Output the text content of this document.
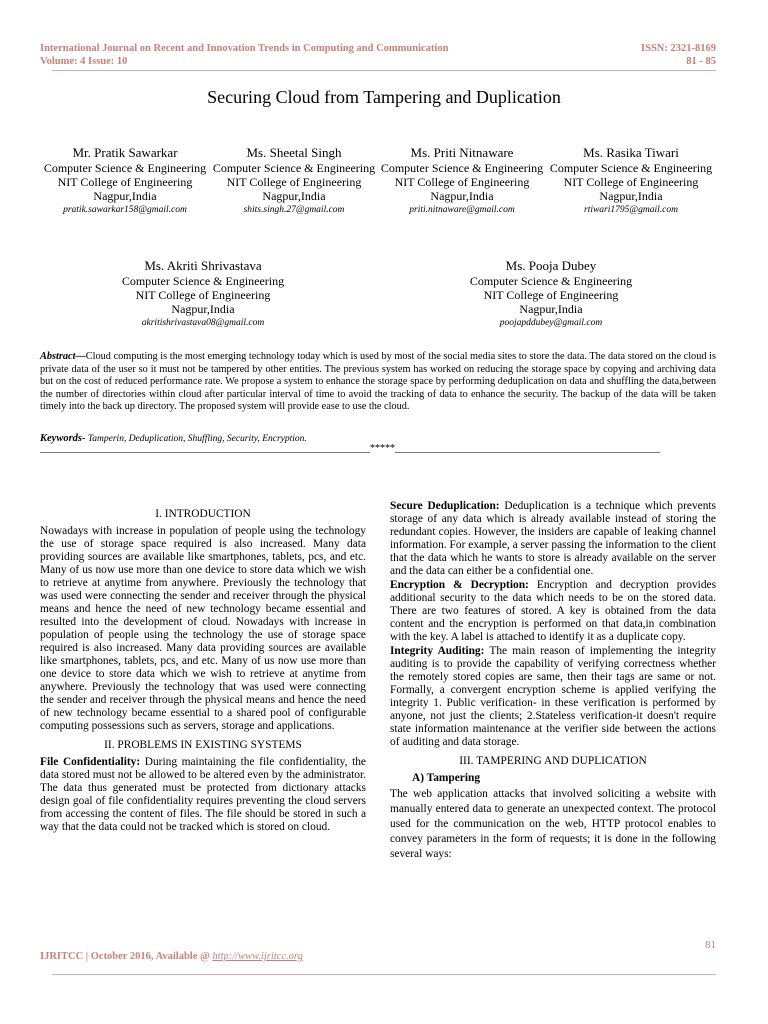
International Journal on Recent and Innovation Trends in Computing and Communication
Volume: 4 Issue: 10
ISSN: 2321-8169
81 - 85
Securing Cloud from Tampering and Duplication
Mr. Pratik Sawarkar
Computer Science & Engineering
NIT College of Engineering
Nagpur,India
pratik.sawarkar158@gmail.com
Ms. Sheetal Singh
Computer Science & Engineering
NIT College of Engineering
Nagpur,India
shits.singh.27@gmail.com
Ms. Priti Nitnaware
Computer Science & Engineering
NIT College of Engineering
Nagpur,India
priti.nitnaware@gmail.com
Ms. Rasika Tiwari
Computer Science & Engineering
NIT College of Engineering
Nagpur,India
rtiwari1795@gmail.com
Ms. Akriti Shrivastava
Computer Science & Engineering
NIT College of Engineering
Nagpur,India
akritishrivastava08@gmail.com
Ms. Pooja Dubey
Computer Science & Engineering
NIT College of Engineering
Nagpur,India
poojapddubey@gmail.com
Abstract—Cloud computing is the most emerging technology today which is used by most of the social media sites to store the data. The data stored on the cloud is private data of the user so it must not be tampered by other entities. The previous system has worked on reducing the storage space by copying and archiving data but on the cost of reduced performance rate. We propose a system to enhance the storage space by performing deduplication on data and shuffling the data,between the number of directories within cloud after particular interval of time to avoid the tracking of data to enhance the security. The backup of the data will be taken timely into the back up directory. The proposed system will provide ease to use the cloud.
Keywords- Tamperin, Deduplication, Shuffling, Security, Encryption.
__________________________________________________________________*****_____________________________________________________
I. INTRODUCTION

Nowadays with increase in population of people using the technology the use of storage space required is also increased. Many data providing sources are available like smartphones, tablets, pcs, and etc. Many of us now use more than one device to store data which we wish to retrieve at anytime from anywhere. Previously the technology that was used were connecting the sender and receiver through the physical means and hence the need of new technology became essential and resulted into the development of cloud. Nowadays with increase in population of people using the technology the use of storage space required is also increased. Many data providing sources are available like smartphones, tablets, pcs, and etc. Many of us now use more than one device to store data which we wish to retrieve at anytime from anywhere. Previously the technology that was used were connecting the sender and receiver through the physical means and hence the need of new technology became essential to a shared pool of configurable computing possessions such as servers, storage and applications.

II. PROBLEMS IN EXISTING SYSTEMS

File Confidentiality: During maintaining the file confidentiality, the data stored must not be allowed to be altered even by the administrator. The data thus generated must be protected from dictionary attacks design goal of file confidentiality requires preventing the cloud servers from accessing the content of files. The file should be stored in such a way that the data could not be tracked which is stored on cloud.

Secure Deduplication: Deduplication is a technique which prevents storage of any data which is already available instead of storing the redundant copies. However, the insiders are capable of leaking channel information. For example, a server passing the information to the client that the data which he wants to store is already available on the server and the data can either be a confidential one.

Encryption & Decryption: Encryption and decryption provides additional security to the data which needs to be on the stored data. There are two features of stored. A key is obtained from the data content and the encryption is performed on that data,in combination with the key. A label is attached to identify it as a duplicate copy.

Integrity Auditing: The main reason of implementing the integrity auditing is to provide the capability of verifying correctness whether the remotely stored copies are same, then their tags are same or not. Formally, a convergent encryption scheme is applied verifying the integrity 1. Public verification- in these verification is performed by anyone, not just the clients; 2.Stateless verification-it doesn't require state information maintenance at the verifier side between the actions of auditing and data storage.

III. TAMPERING AND DUPLICATION
A) Tampering

The web application attacks that involved soliciting a website with manually entered data to generate an unexpected context. The protocol used for the communication on the web, HTTP protocol enables to convey parameters in the form of requests; it is done in the following several ways:

81
IJRITCC | October 2016, Available @ http://www.ijritcc.org
